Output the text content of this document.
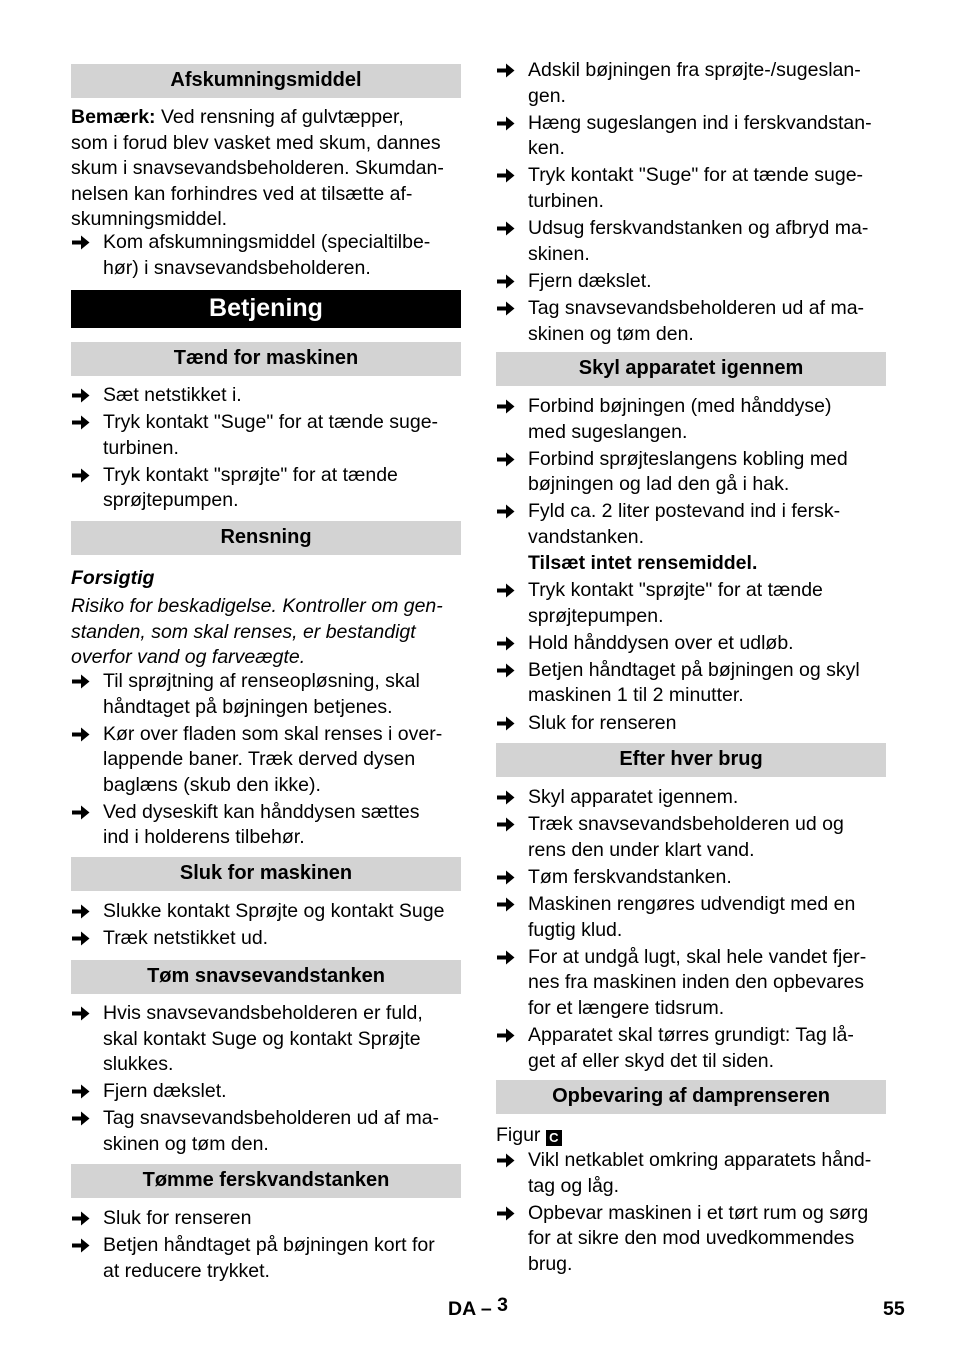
Afskumningsmiddel
Bemærk: Ved rensning af gulvtæpper,
som i forud blev vasket med skum, dannes
skum i snavsevandsbeholderen. Skumdan-
nelsen kan forhindres ved at tilsætte af-
skumningsmiddel.
Kom afskumningsmiddel (specialtilbe-
hør) i snavsevandsbeholderen.
Betjening
Tænd for maskinen
Sæt netstikket i.
Tryk kontakt "Suge" for at tænde suge-
turbinen.
Tryk kontakt "sprøjte" for at tænde
sprøjtepumpen.
Rensning
Forsigtig
Risiko for beskadigelse. Kontroller om gen-
standen, som skal renses, er bestandigt
overfor vand og farveægte.
Til sprøjtning af renseopløsning, skal
håndtaget på bøjningen betjenes.
Kør over fladen som skal renses i over-
lappende baner. Træk derved dysen
baglæns (skub den ikke).
Ved dyseskift kan hånddysen sættes
ind i holderens tilbehør.
Sluk for maskinen
Slukke kontakt Sprøjte og kontakt Suge
Træk netstikket ud.
Tøm snavsevandstanken
Hvis snavsevandsbeholderen er fuld,
skal kontakt Suge og kontakt Sprøjte
slukkes.
Fjern dækslet.
Tag snavsevandsbeholderen ud af ma-
skinen og tøm den.
Tømme ferskvandstanken
Sluk for renseren
Betjen håndtaget på bøjningen kort for
at reducere trykket.
Adskil bøjningen fra sprøjte-/sugeslan-
gen.
Hæng sugeslangen ind i ferskvandstan-
ken.
Tryk kontakt "Suge" for at tænde suge-
turbinen.
Udsug ferskvandstanken og afbryd ma-
skinen.
Fjern dækslet.
Tag snavsevandsbeholderen ud af ma-
skinen og tøm den.
Skyl apparatet igennem
Forbind bøjningen (med hånddyse)
med sugeslangen.
Forbind sprøjteslangens kobling med
bøjningen og lad den gå i hak.
Fyld ca. 2 liter postevand ind i fersk-
vandstanken.
Tilsæt intet rensemiddel.
Tryk kontakt "sprøjte" for at tænde
sprøjtepumpen.
Hold hånddysen over et udløb.
Betjen håndtaget på bøjningen og skyl
maskinen 1 til 2 minutter.
Sluk for renseren
Efter hver brug
Skyl apparatet igennem.
Træk snavsevandsbeholderen ud og
rens den under klart vand.
Tøm ferskvandstanken.
Maskinen rengøres udvendigt med en
fugtig klud.
For at undgå lugt, skal hele vandet fjer-
nes fra maskinen inden den opbevares
for et længere tidsrum.
Apparatet skal tørres grundigt: Tag lå-
get af eller skyd det til siden.
Opbevaring af damprenseren
Figur C
Vikl netkablet omkring apparatets hånd-
tag og låg.
Opbevar maskinen i et tørt rum og sørg
for at sikre den mod uvedkommendes
brug.
DA – 3	55
